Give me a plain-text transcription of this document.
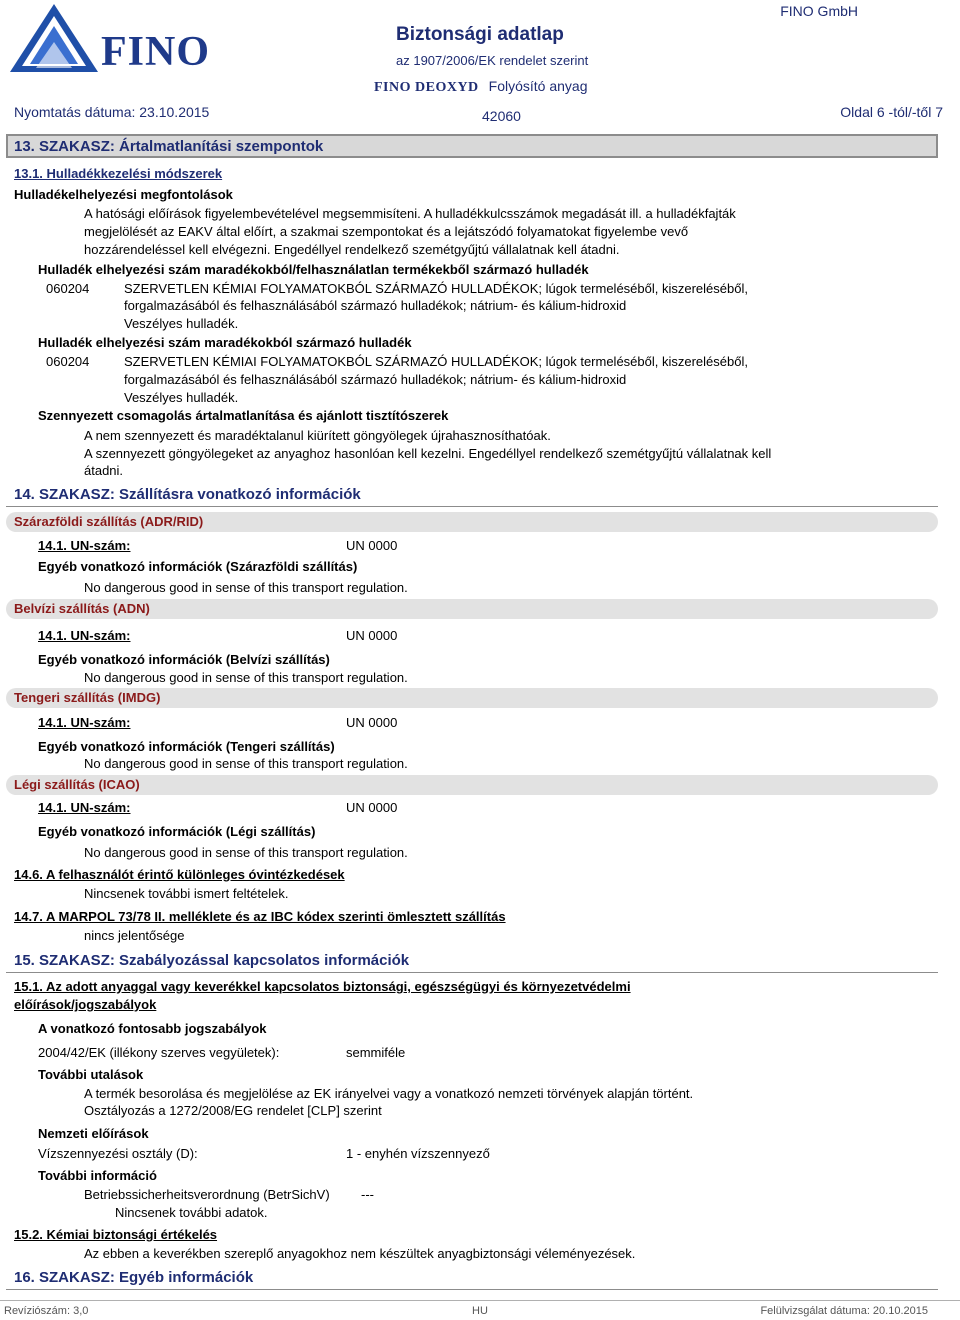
FINO	Biztonsági adatlap
az 1907/2006/EK rendelet szerint
FINO DEOXYD Folyósító anyag
FINO GmbH
Nyomtatás dátuma: 23.10.2015	42060	Oldal 6 -tól/-től 7
13. SZAKASZ: Ártalmatlanítási szempontok
13.1. Hulladékkezelési módszerek
Hulladékelhelyezési megfontolások
A hatósági előírások figyelembevételével megsemmisíteni. A hulladékkulcsszámok megadását ill. a hulladékfajták
megjelölését az EAKV által előírt, a szakmai szempontokat és a lejátszódó folyamatokat figyelembe vevő
hozzárendeléssel kell elvégezni. Engedéllyel rendelkező szemétgyűjtú vállalatnak kell átadni.
Hulladék elhelyezési szám maradékokból/felhasználatlan termékekből származó hulladék
060204	SZERVETLEN KÉMIAI FOLYAMATOKBÓL SZÁRMAZÓ HULLADÉKOK; lúgok termeléséből, kiszereléséből,
forgalmazásából és felhasználásából származó hulladékok; nátrium- és kálium-hidroxid
Veszélyes hulladék.
Hulladék elhelyezési szám maradékokból származó hulladék
060204	SZERVETLEN KÉMIAI FOLYAMATOKBÓL SZÁRMAZÓ HULLADÉKOK; lúgok termeléséből, kiszereléséből,
forgalmazásából és felhasználásából származó hulladékok; nátrium- és kálium-hidroxid
Veszélyes hulladék.
Szennyezett csomagolás ártalmatlanítása és ajánlott tisztítószerek
A nem szennyezett és maradéktalanul kiürített göngyölegek újrahasznosíthatóak.
A szennyezett göngyölegeket az anyaghoz hasonlóan kell kezelni. Engedéllyel rendelkező szemétgyűjtú vállalatnak kell
átadni.
14. SZAKASZ: Szállításra vonatkozó információk
Szárazföldi szállítás (ADR/RID)
14.1. UN-szám:	UN 0000
Egyéb vonatkozó információk (Szárazföldi szállítás)
No dangerous good in sense of this transport regulation.
Belvízi szállítás (ADN)
14.1. UN-szám:	UN 0000
Egyéb vonatkozó információk (Belvízi szállítás)
No dangerous good in sense of this transport regulation.
Tengeri szállítás (IMDG)
14.1. UN-szám:	UN 0000
Egyéb vonatkozó információk (Tengeri szállítás)
No dangerous good in sense of this transport regulation.
Légi szállítás (ICAO)
14.1. UN-szám:	UN 0000
Egyéb vonatkozó információk (Légi szállítás)
No dangerous good in sense of this transport regulation.
14.6. A felhasználót érintő különleges óvintézkedések
Nincsenek további ismert feltételek.
14.7. A MARPOL 73/78 II. melléklete és az IBC kódex szerinti ömlesztett szállítás
nincs jelentősége
15. SZAKASZ: Szabályozással kapcsolatos információk
15.1. Az adott anyaggal vagy keverékkel kapcsolatos biztonsági, egészségügyi és környezetvédelmi
előírások/jogszabályok
A vonatkozó fontosabb jogszabályok
2004/42/EK (illékony szerves vegyületek):	semmiféle
További utalások
A termék besorolása és megjelölése az EK irányelvei vagy a vonatkozó nemzeti törvények alapján történt.
Osztályozás a 1272/2008/EG rendelet [CLP] szerint
Nemzeti előírások
Vízszennyezési osztály (D):	1 - enyhén vízszennyező
További információ
Betriebssicherheitsverordnung (BetrSichV) ---
Nincsenek további adatok.
15.2. Kémiai biztonsági értékelés
Az ebben a keverékben szereplő anyagokhoz nem készültek anyagbiztonsági véleményezések.
16. SZAKASZ: Egyéb információk
Revíziószám: 3,0	HU	Felülvizsgálat dátuma: 20.10.2015
